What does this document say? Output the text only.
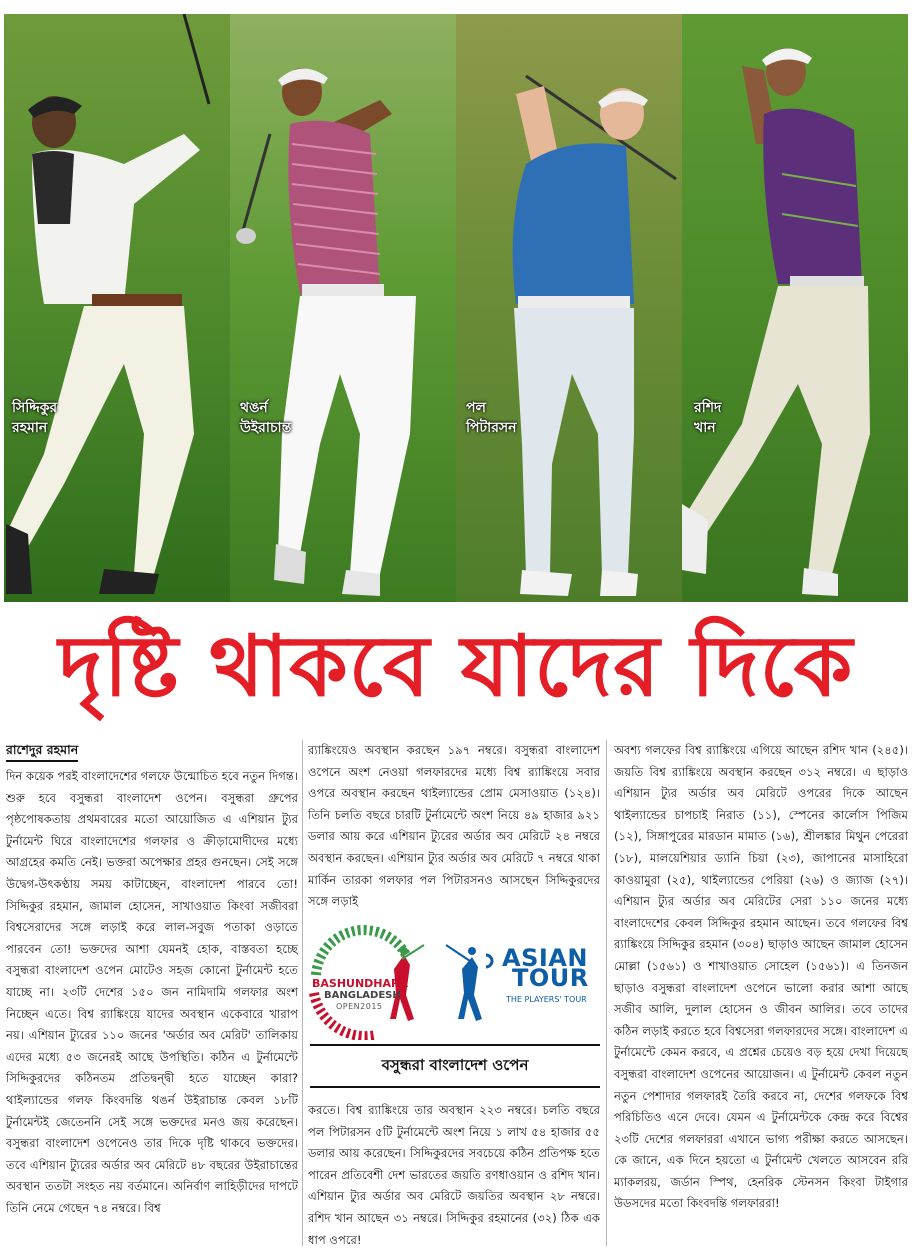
সিদ্দিকুর
রহমান
থঙর্ন
উইরাচান্ত
পল
পিটারসন
রশিদ
খান
দৃষ্টি থাকবে যাদের দিকে
রাশেদুর রহমান

দিন কয়েক পরই বাংলাদেশের গলফে উন্মোচিত হবে নতুন দিগন্ত। শুরু হবে বসুন্ধরা বাংলাদেশ ওপেন। বসুন্ধরা গ্রুপের পৃষ্ঠপোষকতায় প্রথমবারের মতো আয়োজিত এ এশিয়ান ট্যুর টুর্নামেন্ট ঘিরে বাংলাদেশের গলফার ও ক্রীড়ামোদীদের মধ্যে আগ্রহের কমতি নেই। ভক্তরা অপেক্ষার প্রহর গুনছেন। সেই সঙ্গে উদ্বেগ-উৎকণ্ঠায় সময় কাটাচ্ছেন, বাংলাদেশ পারবে তো! সিদ্দিকুর রহমান, জামাল হোসেন, সাখাওয়াত কিংবা সজীবরা বিশ্বসেরাদের সঙ্গে লড়াই করে লাল-সবুজ পতাকা ওড়াতে পারবেন তো! ভক্তদের আশা যেমনই হোক, বাস্তবতা হচ্ছে বসুন্ধরা বাংলাদেশ ওপেন মোটেও সহজ কোনো টুর্নামেন্ট হতে যাচ্ছে না। ২৩টি দেশের ১৫০ জন নামিদামি গলফার অংশ নিচ্ছেন এতে। বিশ্ব র‍্যাঙ্কিংয়ে যাদের অবস্থান একেবারে খারাপ নয়। এশিয়ান ট্যুরের ১১০ জনের 'অর্ডার অব মেরিট' তালিকায় এদের মধ্যে ৫৩ জনেরই আছে উপস্থিতি। কঠিন এ টুর্নামেন্টে সিদ্দিকুরদের কঠিনতম প্রতিদ্বন্দ্বী হতে যাচ্ছেন কারা? থাইল্যান্ডের গলফ কিংবদন্তি থঙর্ন উইরাচান্ত কেবল ১৮টি টুর্নামেন্টই জেতেননি সেই সঙ্গে ভক্তদের মনও জয় করেছেন। বসুন্ধরা বাংলাদেশ ওপেনেও তার দিকে দৃষ্টি থাকবে ভক্তদের। তবে এশিয়ান ট্যুরের অর্ডার অব মেরিটে ৪৮ বছরের উইরাচান্তের অবস্থান ততটা সংহত নয় বর্তমানে। অনির্বাণ লাহিড়ীদের দাপটে তিনি নেমে গেছেন ৭৪ নম্বরে। বিশ্ব

র‍্যাঙ্কিংয়েও অবস্থান করছেন ১৯৭ নম্বরে। বসুন্ধরা বাংলাদেশ ওপেনে অংশ নেওয়া গলফারদের মধ্যে বিশ্ব র‍্যাঙ্কিংয়ে সবার ওপরে অবস্থান করছেন থাইল্যান্ডের প্রোম মেসাওয়াত (১২৪)। তিনি চলতি বছরে চারটি টুর্নামেন্টে অংশ নিয়ে ৪৯ হাজার ৯২১ ডলার আয় করে এশিয়ান ট্যুরের অর্ডার অব মেরিটে ২৪ নম্বরে অবস্থান করছেন। এশিয়ান ট্যুর অর্ডার অব মেরিটে ৭ নম্বরে থাকা মার্কিন তারকা গলফার পল পিটারসনও আসছেন সিদ্দিকুরদের সঙ্গে লড়াই

BASHUNDHARA
BANGLADESH
OPEN2015
ASIAN
TOUR
THE PLAYERS' TOUR
বসুন্ধরা বাংলাদেশ ওপেন

করতে। বিশ্ব র‍্যাঙ্কিংয়ে তার অবস্থান ২২৩ নম্বরে। চলতি বছরে পল পিটারসন ৫টি টুর্নামেন্টে অংশ নিয়ে ১ লাখ ৫৪ হাজার ৫৫ ডলার আয় করেছেন। সিদ্দিকুরদের সবচেয়ে কঠিন প্রতিপক্ষ হতে পারেন প্রতিবেশী দেশ ভারতের জয়তি রণধাওয়ান ও রশিদ খান। এশিয়ান ট্যুর অর্ডার অব মেরিটে জয়তির অবস্থান ২৮ নম্বরে। রশিদ খান আছেন ৩১ নম্বরে। সিদ্দিকুর রহমানের (৩২) ঠিক এক ধাপ ওপরে!

অবশ্য গলফের বিশ্ব র‍্যাঙ্কিংয়ে এগিয়ে আছেন রশিদ খান (২৪৫)। জয়তি বিশ্ব র‍্যাঙ্কিংয়ে অবস্থান করছেন ৩১২ নম্বরে। এ ছাড়াও এশিয়ান ট্যুর অর্ডার অব মেরিটে ওপরের দিকে আছেন থাইল্যান্ডের চাপচাই নিরাত (১১), স্পেনের কার্লোস পিজিম (১২), সিঙ্গাপুরের মারডান মামাত (১৬), শ্রীলঙ্কার মিথুন পেরেরা (১৮), মালয়েশিয়ার ড্যানি চিয়া (২৩), জাপানের মাসাহিরো কাওয়ামুরা (২৫), থাইল্যান্ডের পেরিয়া (২৬) ও জ্যাজ (২৭)। এশিয়ান ট্যুর অর্ডার অব মেরিটের সেরা ১১০ জনের মধ্যে বাংলাদেশের কেবল সিদ্দিকুর রহমান আছেন। তবে গলফের বিশ্ব র‍্যাঙ্কিংয়ে সিদ্দিকুর রহমান (৩০৪) ছাড়াও আছেন জামাল হোসেন মোল্লা (১৫৬১) ও শাখাওয়াত সোহেল (১৫৬১)। এ তিনজন ছাড়াও বসুন্ধরা বাংলাদেশ ওপেনে ভালো করার আশা আছে সজীব আলি, দুলাল হোসেন ও জীবন আলির। তবে তাদের কঠিন লড়াই করতে হবে বিশ্বসেরা গলফারদের সঙ্গে। বাংলাদেশ এ টুর্নামেন্টে কেমন করবে, এ প্রশ্নের চেয়েও বড় হয়ে দেখা দিয়েছে বসুন্ধরা বাংলাদেশ ওপেনের আয়োজন। এ টুর্নামেন্ট কেবল নতুন নতুন পেশাদার গলফারই তৈরি করবে না, দেশের গলফকে বিশ্ব পরিচিতিও এনে দেবে। যেমন এ টুর্নামেন্টকে কেন্দ্র করে বিশ্বের ২৩টি দেশের গলফাররা এখানে ভাগ্য পরীক্ষা করতে আসছেন। কে জানে, এক দিনে হয়তো এ টুর্নামেন্ট খেলতে আসবেন ররি ম্যাকলরয়, জর্ডান স্পিথ, হেনরিক স্টেনসন কিংবা টাইগার উডসদের মতো কিংবদন্তি গলফাররা!
